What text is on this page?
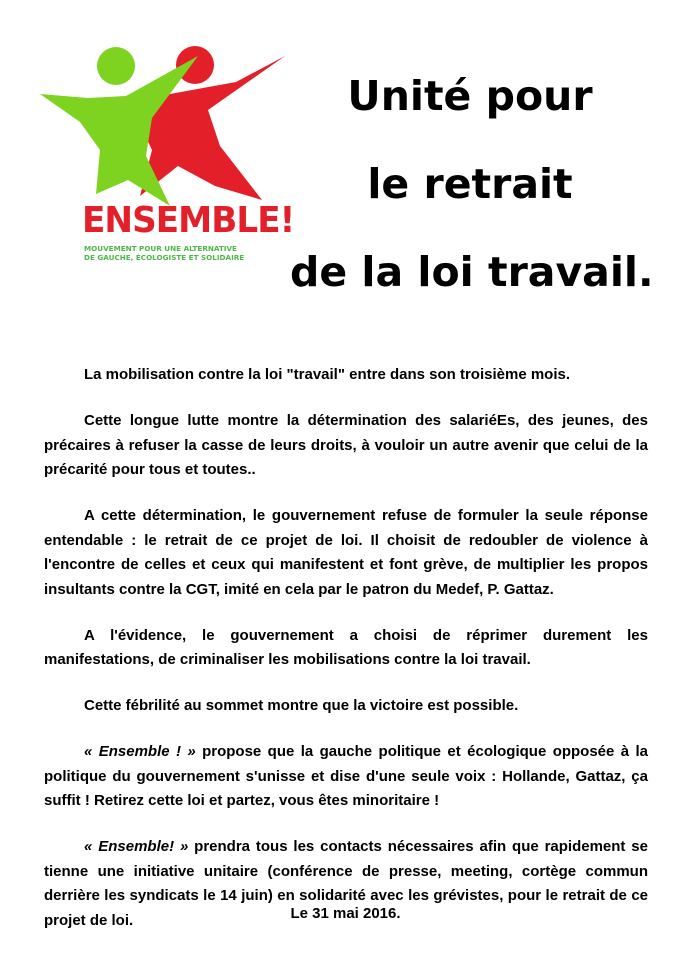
ENSEMBLE!
MOUVEMENT POUR UNE ALTERNATIVE
DE GAUCHE, ÉCOLOGISTE ET SOLIDAIRE
Unité pour
le retrait
de la loi travail.

La mobilisation contre la loi "travail" entre dans son troisième mois.

Cette longue lutte montre la détermination des salariéEs, des jeunes, des précaires à refuser la casse de leurs droits, à vouloir un autre avenir que celui de la précarité pour tous et toutes..

A cette détermination, le gouvernement refuse de formuler la seule réponse entendable : le retrait de ce projet de loi. Il choisit de redoubler de violence à l'encontre de celles et ceux qui manifestent et font grève, de multiplier les propos insultants contre la CGT, imité en cela par le patron du Medef, P. Gattaz.

A l'évidence, le gouvernement a choisi de réprimer durement les manifestations, de criminaliser les mobilisations contre la loi travail.

Cette fébrilité au sommet montre que la victoire est possible.

« Ensemble ! » propose que la gauche politique et écologique opposée à la politique du gouvernement s'unisse et dise d'une seule voix : Hollande, Gattaz, ça suffit ! Retirez cette loi et partez, vous êtes minoritaire !

« Ensemble! » prendra tous les contacts nécessaires afin que rapidement se tienne une initiative unitaire (conférence de presse, meeting, cortège commun derrière les syndicats le 14 juin) en solidarité avec les grévistes, pour le retrait de ce projet de loi.	Le 31 mai 2016.
